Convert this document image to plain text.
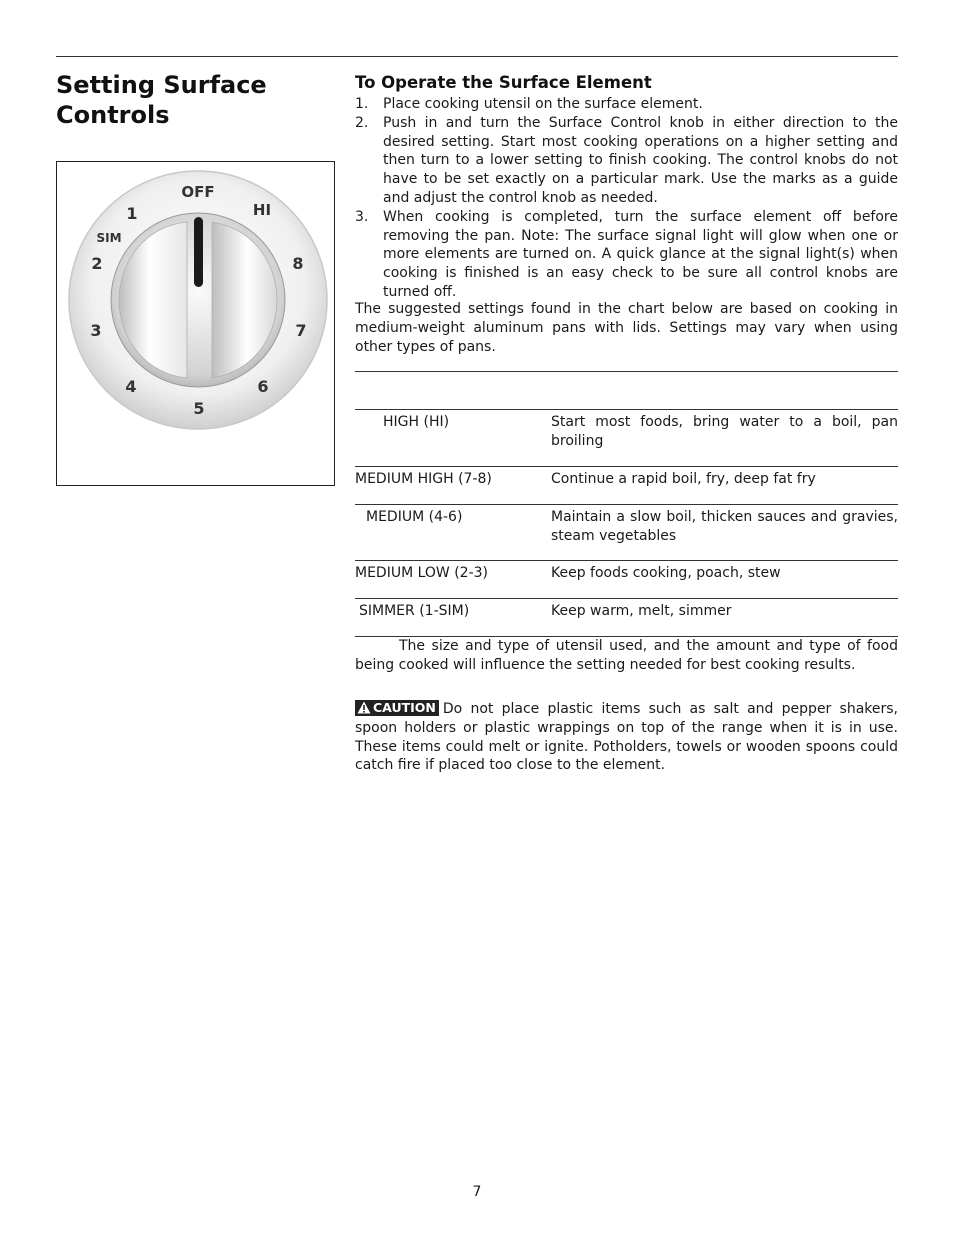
Setting Surface Controls
OFF
HI
1
SIM
2	8
3	7
4	6
5
To Operate the Surface Element
1. Place cooking utensil on the surface element.
2. Push in and turn the Surface Control knob in either direction to the desired setting. Start most cooking operations on a higher setting and then turn to a lower setting to finish cooking. The control knobs do not have to be set exactly on a particular mark. Use the marks as a guide and adjust the control knob as needed.
3. When cooking is completed, turn the surface element off before removing the pan. Note: The surface signal light will glow when one or more elements are turned on. A quick glance at the signal light(s) when cooking is finished is an easy check to be sure all control knobs are turned off.

The suggested settings found in the chart below are based on cooking in medium-weight aluminum pans with lids. Settings may vary when using other types of pans.

HIGH (HI)	Start most foods, bring water to a boil, pan broiling
MEDIUM HIGH (7-8)	Continue a rapid boil, fry, deep fat fry
MEDIUM (4-6)	Maintain a slow boil, thicken sauces and gravies, steam vegetables
MEDIUM LOW (2-3)	Keep foods cooking, poach, stew
SIMMER (1-SIM)	Keep warm, melt, simmer

The size and type of utensil used, and the amount and type of food being cooked will influence the setting needed for best cooking results.

CAUTION Do not place plastic items such as salt and pepper shakers, spoon holders or plastic wrappings on top of the range when it is in use. These items could melt or ignite. Potholders, towels or wooden spoons could catch fire if placed too close to the element.

7
